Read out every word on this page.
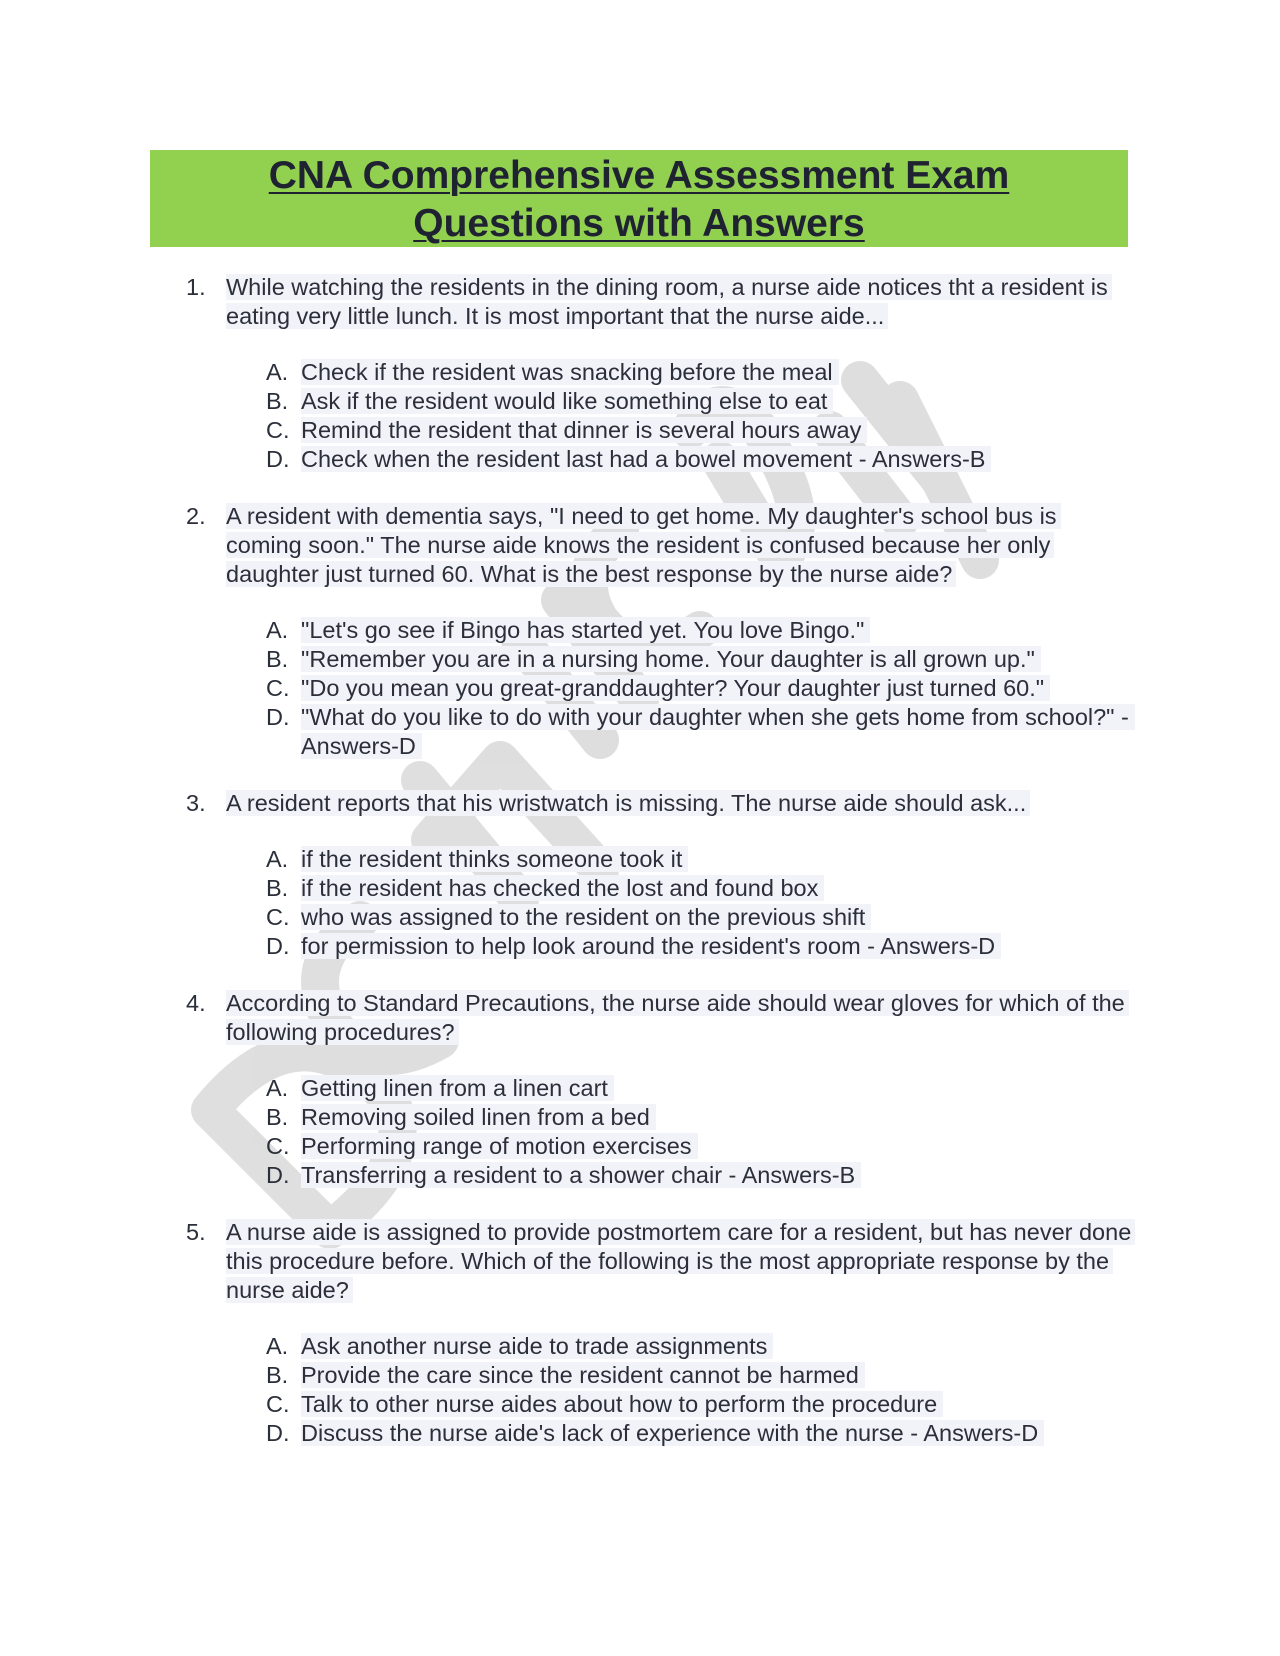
CNA Comprehensive Assessment Exam
Questions with Answers
1. While watching the residents in the dining room, a nurse aide notices tht a resident is eating very little lunch. It is most important that the nurse aide...
A. Check if the resident was snacking before the meal
B. Ask if the resident would like something else to eat
C. Remind the resident that dinner is several hours away
D. Check when the resident last had a bowel movement - Answers-B
2. A resident with dementia says, "I need to get home. My daughter's school bus is coming soon." The nurse aide knows the resident is confused because her only daughter just turned 60. What is the best response by the nurse aide?
A. "Let's go see if Bingo has started yet. You love Bingo."
B. "Remember you are in a nursing home. Your daughter is all grown up."
C. "Do you mean you great-granddaughter? Your daughter just turned 60."
D. "What do you like to do with your daughter when she gets home from school?" - Answers-D
3. A resident reports that his wristwatch is missing. The nurse aide should ask...
A. if the resident thinks someone took it
B. if the resident has checked the lost and found box
C. who was assigned to the resident on the previous shift
D. for permission to help look around the resident's room - Answers-D
4. According to Standard Precautions, the nurse aide should wear gloves for which of the following procedures?
A. Getting linen from a linen cart
B. Removing soiled linen from a bed
C. Performing range of motion exercises
D. Transferring a resident to a shower chair - Answers-B
5. A nurse aide is assigned to provide postmortem care for a resident, but has never done this procedure before. Which of the following is the most appropriate response by the nurse aide?
A. Ask another nurse aide to trade assignments
B. Provide the care since the resident cannot be harmed
C. Talk to other nurse aides about how to perform the procedure
D. Discuss the nurse aide's lack of experience with the nurse - Answers-D
